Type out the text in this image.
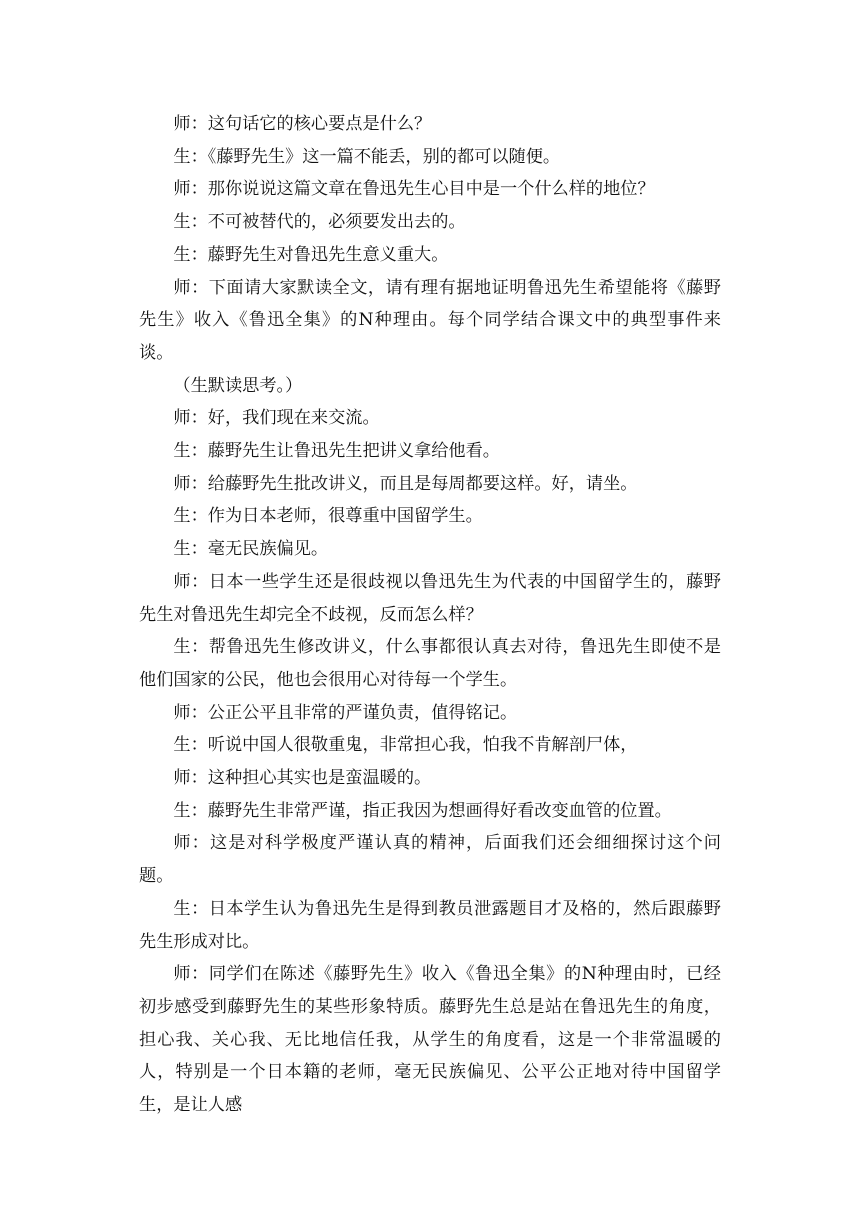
师：这句话它的核心要点是什么？

生：《藤野先生》这一篇不能丢，别的都可以随便。

师：那你说说这篇文章在鲁迅先生心目中是一个什么样的地位？

生：不可被替代的，必须要发出去的。

生：藤野先生对鲁迅先生意义重大。

师：下面请大家默读全文，请有理有据地证明鲁迅先生希望能将《藤野先生》收入《鲁迅全集》的N种理由。每个同学结合课文中的典型事件来谈。

（生默读思考。）

师：好，我们现在来交流。

生：藤野先生让鲁迅先生把讲义拿给他看。

师：给藤野先生批改讲义，而且是每周都要这样。好，请坐。

生：作为日本老师，很尊重中国留学生。

生：毫无民族偏见。

师：日本一些学生还是很歧视以鲁迅先生为代表的中国留学生的，藤野先生对鲁迅先生却完全不歧视，反而怎么样？

生：帮鲁迅先生修改讲义，什么事都很认真去对待，鲁迅先生即使不是他们国家的公民，他也会很用心对待每一个学生。

师：公正公平且非常的严谨负责，值得铭记。

生：听说中国人很敬重鬼，非常担心我，怕我不肯解剖尸体，

师：这种担心其实也是蛮温暖的。

生：藤野先生非常严谨，指正我因为想画得好看改变血管的位置。

师：这是对科学极度严谨认真的精神，后面我们还会细细探讨这个问题。

生：日本学生认为鲁迅先生是得到教员泄露题目才及格的，然后跟藤野先生形成对比。

师：同学们在陈述《藤野先生》收入《鲁迅全集》的N种理由时，已经初步感受到藤野先生的某些形象特质。藤野先生总是站在鲁迅先生的角度，担心我、关心我、无比地信任我，从学生的角度看，这是一个非常温暖的人，特别是一个日本籍的老师，毫无民族偏见、公平公正地对待中国留学生，是让人感
